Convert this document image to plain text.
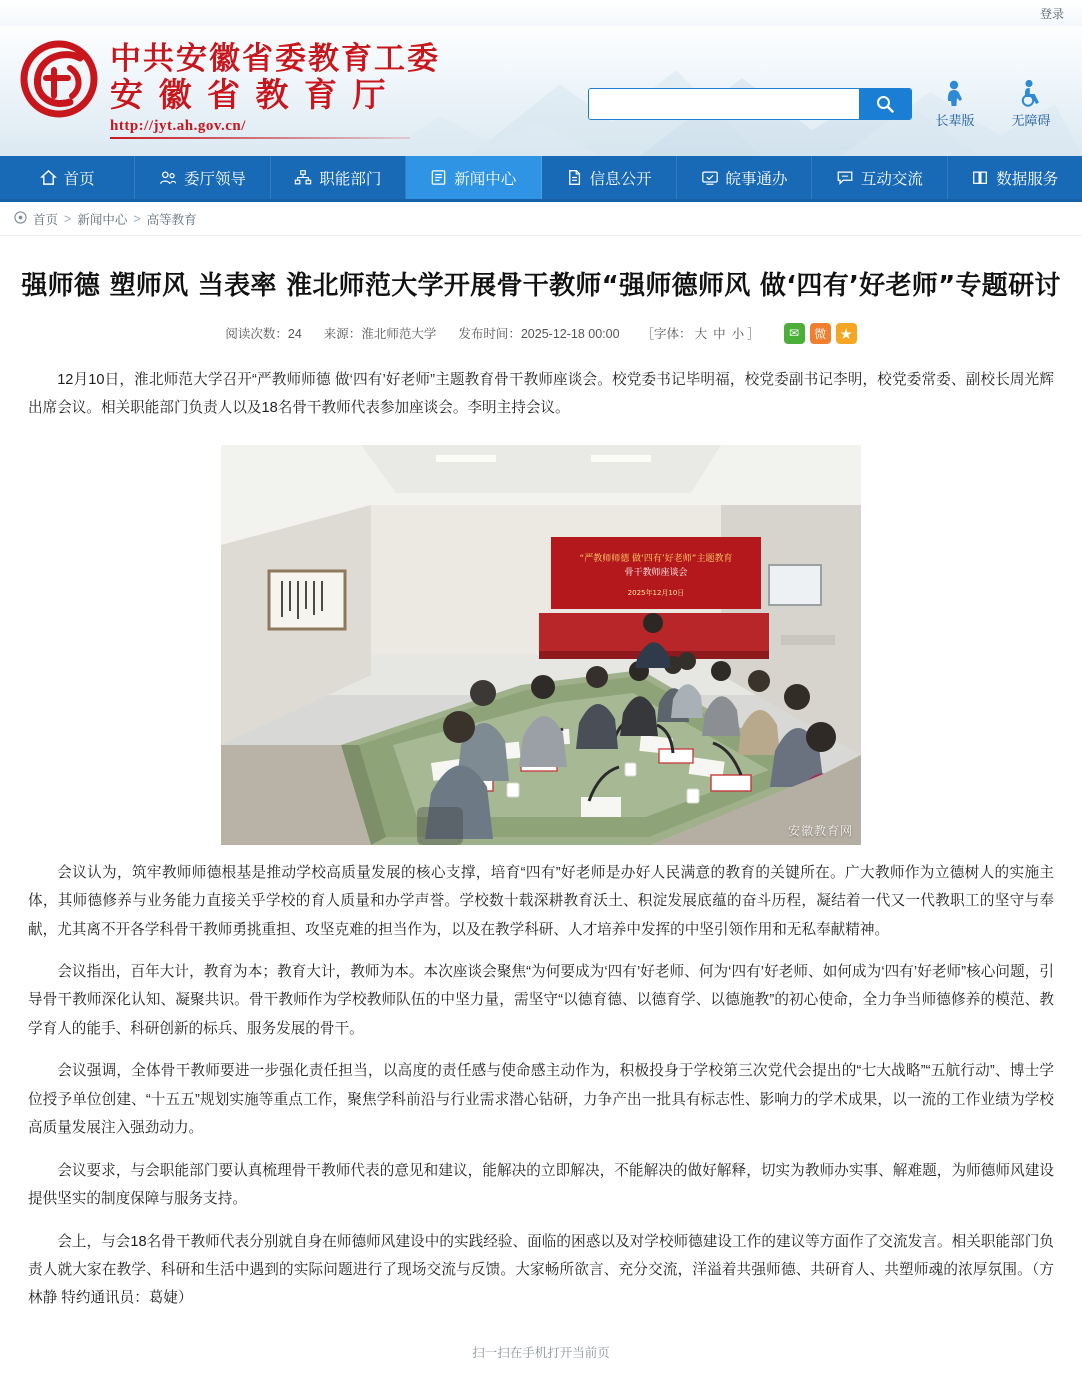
登录
中共安徽省委教育工委
安 徽 省 教 育 厅
http://jyt.ah.gov.cn/	长辈版	无障碍
首页	委厅领导	职能部门	新闻中心	信息公开	皖事通办	互动交流	数据服务
首页 > 新闻中心 > 高等教育
强师德 塑师风 当表率 淮北师范大学开展骨干教师“强师德师风 做‘四有’好老师”专题研讨
阅读次数：24 来源：淮北师范大学 发布时间：2025-12-18 00:00 ［字体： 大 中 小 ］	✉	微	★

12月10日，淮北师范大学召开“严教师师德 做‘四有’好老师”主题教育骨干教师座谈会。校党委书记毕明福，校党委副书记李明，校党委常委、副校长周光辉出席会议。相关职能部门负责人以及18名骨干教师代表参加座谈会。李明主持会议。

“严教师师德 做‘四有’好老师”主题教育
骨干教师座谈会
2025年12月10日
安徽教育网

会议认为，筑牢教师师德根基是推动学校高质量发展的核心支撑，培育“四有”好老师是办好人民满意的教育的关键所在。广大教师作为立德树人的实施主体，其师德修养与业务能力直接关乎学校的育人质量和办学声誉。学校数十载深耕教育沃土、积淀发展底蕴的奋斗历程，凝结着一代又一代教职工的坚守与奉献，尤其离不开各学科骨干教师勇挑重担、攻坚克难的担当作为，以及在教学科研、人才培养中发挥的中坚引领作用和无私奉献精神。

会议指出，百年大计，教育为本；教育大计，教师为本。本次座谈会聚焦“为何要成为‘四有’好老师、何为‘四有’好老师、如何成为‘四有’好老师”核心问题，引导骨干教师深化认知、凝聚共识。骨干教师作为学校教师队伍的中坚力量，需坚守“以德育德、以德育学、以德施教”的初心使命，全力争当师德修养的模范、教学育人的能手、科研创新的标兵、服务发展的骨干。

会议强调，全体骨干教师要进一步强化责任担当，以高度的责任感与使命感主动作为，积极投身于学校第三次党代会提出的“七大战略”“五航行动”、博士学位授予单位创建、“十五五”规划实施等重点工作，聚焦学科前沿与行业需求潜心钻研，力争产出一批具有标志性、影响力的学术成果，以一流的工作业绩为学校高质量发展注入强劲动力。

会议要求，与会职能部门要认真梳理骨干教师代表的意见和建议，能解决的立即解决，不能解决的做好解释，切实为教师办实事、解难题，为师德师风建设提供坚实的制度保障与服务支持。

会上，与会18名骨干教师代表分别就自身在师德师风建设中的实践经验、面临的困惑以及对学校师德建设工作的建议等方面作了交流发言。相关职能部门负责人就大家在教学、科研和生活中遇到的实际问题进行了现场交流与反馈。大家畅所欲言、充分交流，洋溢着共强师德、共研育人、共塑师魂的浓厚氛围。（方林静 特约通讯员：葛婕）

扫一扫在手机打开当前页
